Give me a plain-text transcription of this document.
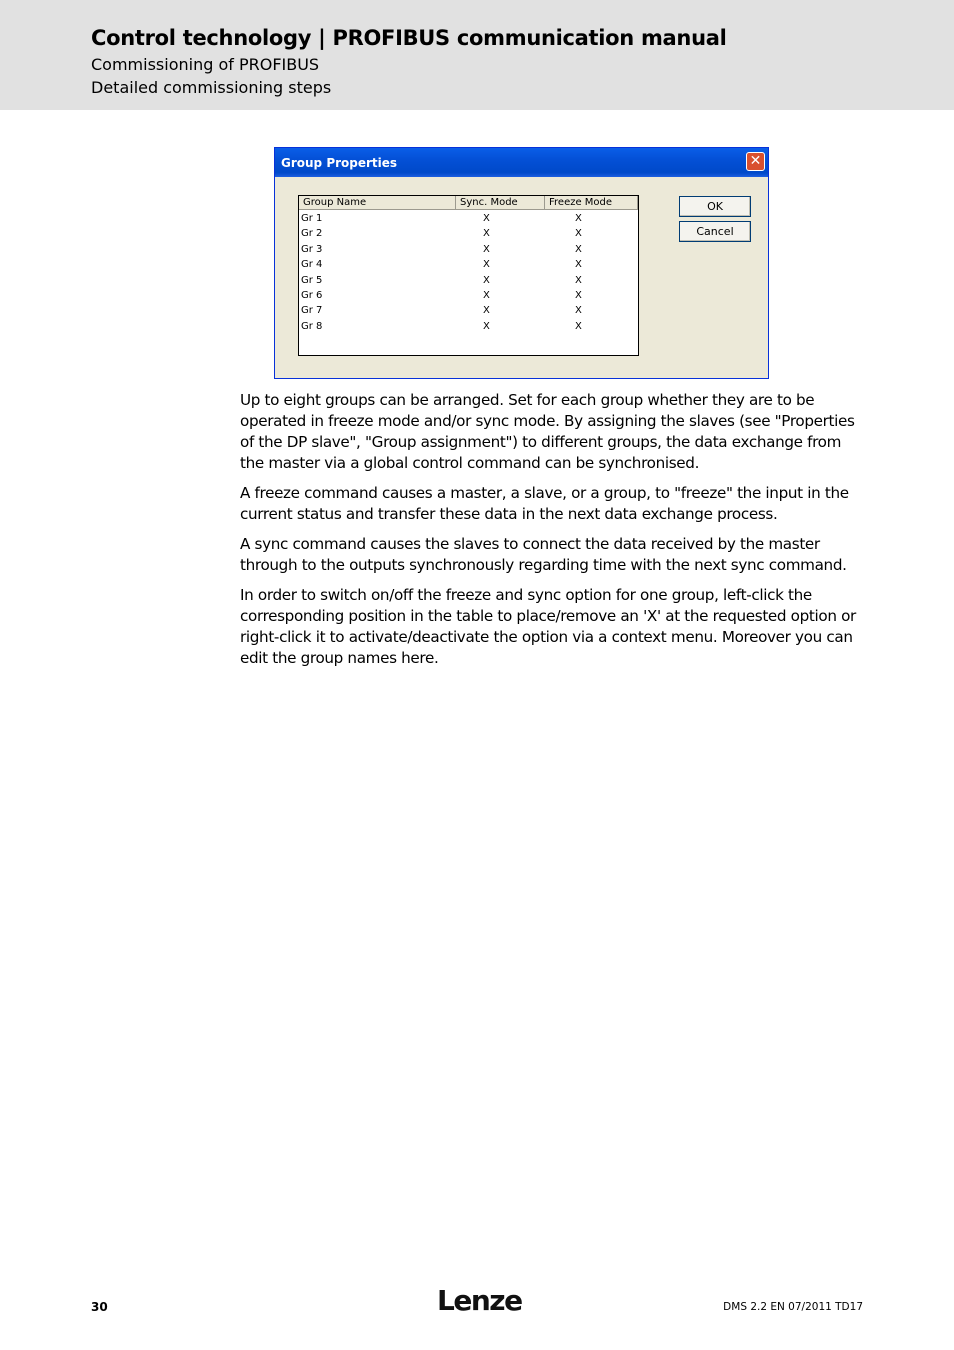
Control technology | PROFIBUS communication manual
Commissioning of PROFIBUS
Detailed commissioning steps
Group Properties	✕
Group Name	Sync. Mode	Freeze Mode
Gr 1	X	X
Gr 2	X	X
Gr 3	X	X
Gr 4	X	X
Gr 5	X	X
Gr 6	X	X
Gr 7	X	X
Gr 8	X	X
OK
Cancel

Up to eight groups can be arranged. Set for each group whether they are to be operated in freeze mode and/or sync mode. By assigning the slaves (see "Properties of the DP slave", "Group assignment") to different groups, the data exchange from the master via a global control command can be synchronised.

A freeze command causes a master, a slave, or a group, to "freeze" the input in the current status and transfer these data in the next data exchange process.

A sync command causes the slaves to connect the data received by the master through to the outputs synchronously regarding time with the next sync command.

In order to switch on/off the freeze and sync option for one group, left-click the corresponding position in the table to place/remove an 'X' at the requested option or right-click it to activate/deactivate the option via a context menu. Moreover you can edit the group names here.

30	Lenze	DMS 2.2 EN 07/2011 TD17
